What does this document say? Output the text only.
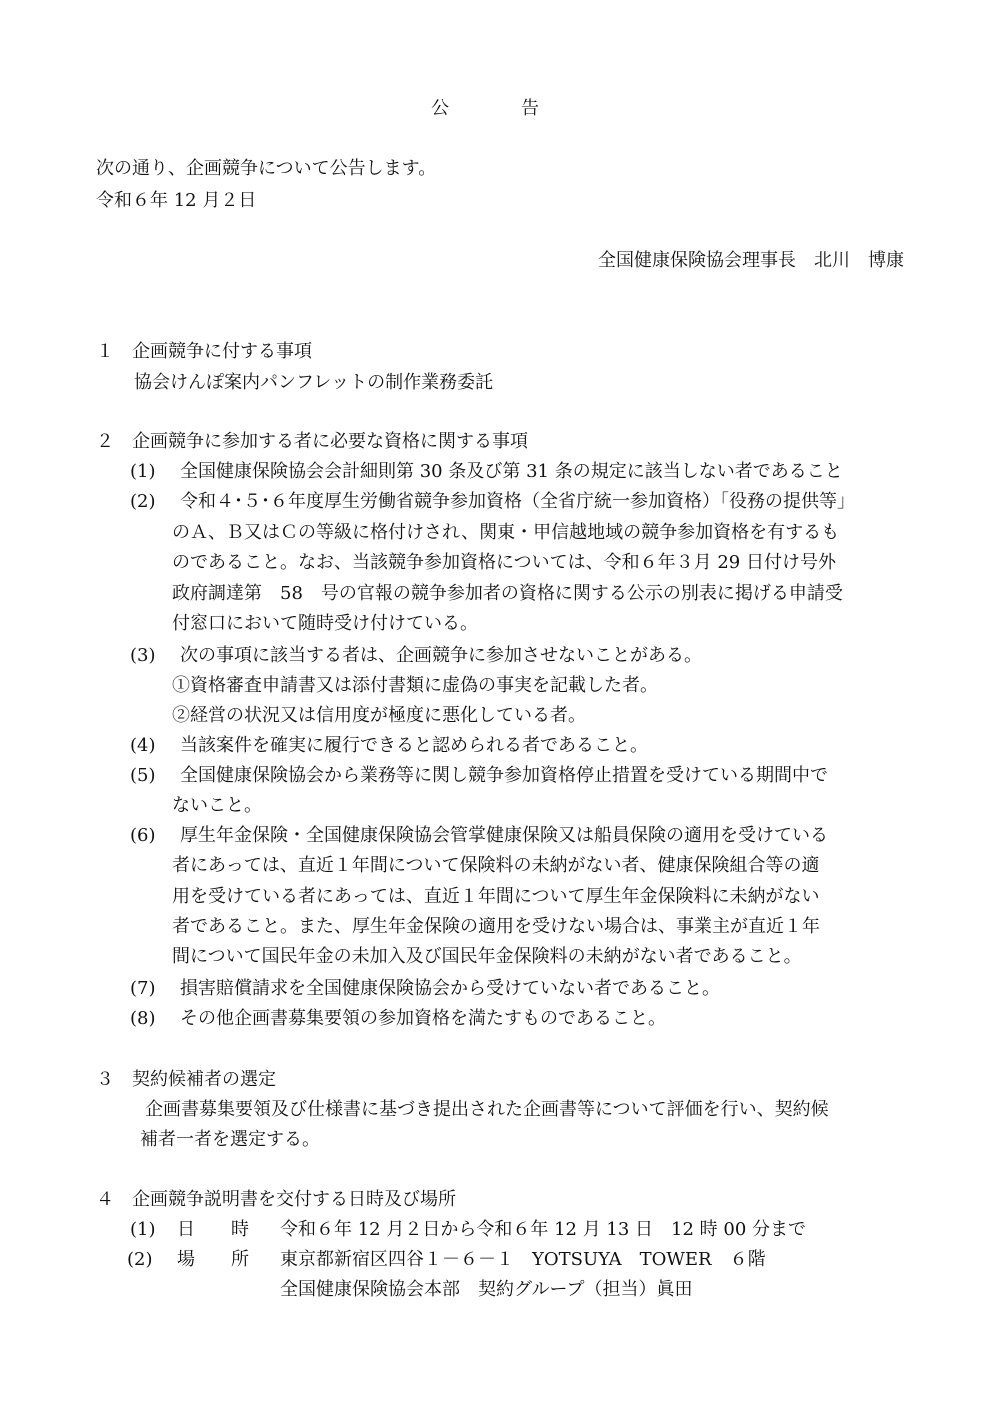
公　　　　告
次の通り、企画競争について公告します。
令和６年 12 月２日
全国健康保険協会理事長　北川　博康
１　企画競争に付する事項
協会けんぽ案内パンフレットの制作業務委託
２　企画競争に参加する者に必要な資格に関する事項
(1) 全国健康保険協会会計細則第 30 条及び第 31 条の規定に該当しない者であること
(2) 令和４･５･６年度厚生労働省競争参加資格（全省庁統一参加資格）「役務の提供等」
のＡ、Ｂ又はＣの等級に格付けされ、関東・甲信越地域の競争参加資格を有するも
のであること。なお、当該競争参加資格については、令和６年３月 29 日付け号外
政府調達第　58　号の官報の競争参加者の資格に関する公示の別表に掲げる申請受
付窓口において随時受け付けている。
(3) 次の事項に該当する者は、企画競争に参加させないことがある。
①資格審査申請書又は添付書類に虚偽の事実を記載した者。
②経営の状況又は信用度が極度に悪化している者。
(4) 当該案件を確実に履行できると認められる者であること。
(5) 全国健康保険協会から業務等に関し競争参加資格停止措置を受けている期間中で
ないこと。
(6) 厚生年金保険・全国健康保険協会管掌健康保険又は船員保険の適用を受けている
者にあっては、直近１年間について保険料の未納がない者、健康保険組合等の適
用を受けている者にあっては、直近１年間について厚生年金保険料に未納がない
者であること。また、厚生年金保険の適用を受けない場合は、事業主が直近１年
間について国民年金の未加入及び国民年金保険料の未納がない者であること。
(7) 損害賠償請求を全国健康保険協会から受けていない者であること。
(8) その他企画書募集要領の参加資格を満たすものであること。
３　契約候補者の選定
企画書募集要領及び仕様書に基づき提出された企画書等について評価を行い、契約候
補者一者を選定する。
４　企画競争説明書を交付する日時及び場所
(1) 日　　時 令和６年 12 月２日から令和６年 12 月 13 日　12 時 00 分まで
(2) 場　　所 東京都新宿区四谷１－６－１　YOTSUYA　TOWER　６階
全国健康保険協会本部　契約グループ（担当）眞田
